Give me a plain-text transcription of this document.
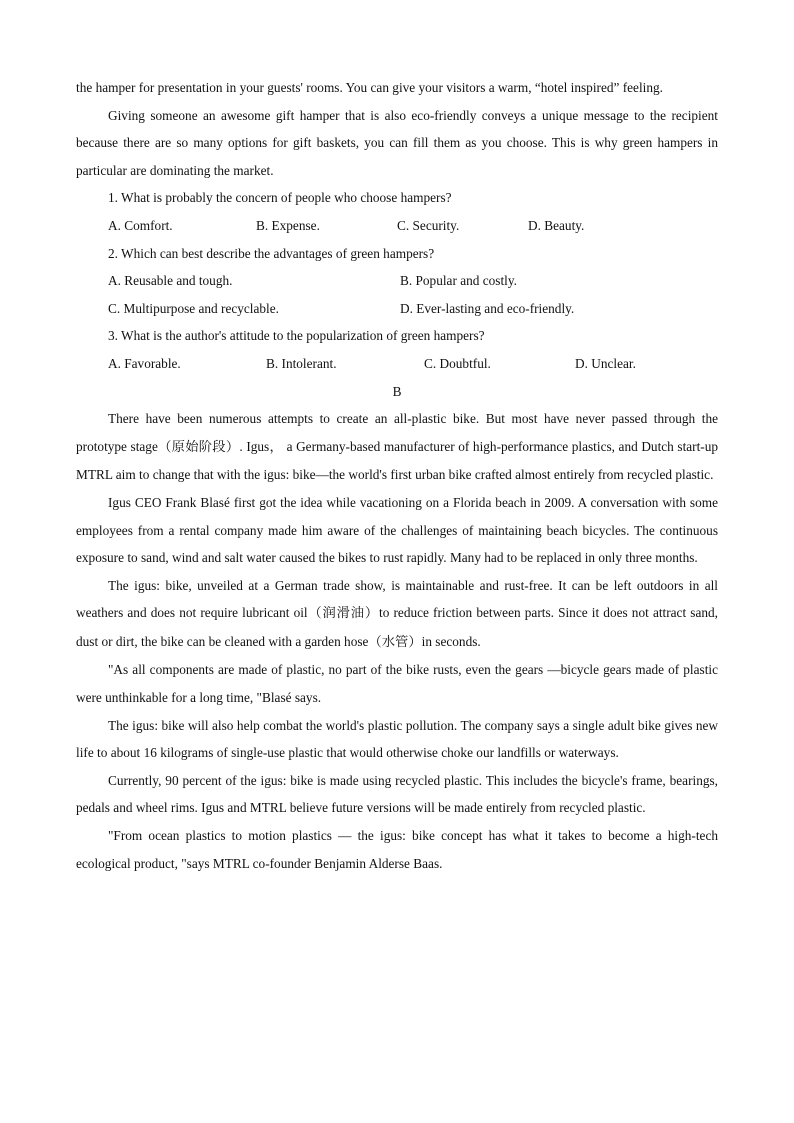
the hamper for presentation in your guests' rooms. You can give your visitors a warm, “hotel inspired” feeling.

Giving someone an awesome gift hamper that is also eco-friendly conveys a unique message to the recipient because there are so many options for gift baskets, you can fill them as you choose. This is why green hampers in particular are dominating the market.

1. What is probably the concern of people who choose hampers?
A. Comfort.	B. Expense.	C. Security.	D. Beauty.
2. Which can best describe the advantages of green hampers?
A. Reusable and tough.	B. Popular and costly.
C. Multipurpose and recyclable.	D. Ever-lasting and eco-friendly.
3. What is the author's attitude to the popularization of green hampers?
A. Favorable.	B. Intolerant.	C. Doubtful.	D. Unclear.
B

There have been numerous attempts to create an all-plastic bike. But most have never passed through the prototype stage（原始阶段）. Igus， a Germany-based manufacturer of high-performance plastics, and Dutch start-up MTRL aim to change that with the igus: bike—the world's first urban bike crafted almost entirely from recycled plastic.

Igus CEO Frank Blasé first got the idea while vacationing on a Florida beach in 2009. A conversation with some employees from a rental company made him aware of the challenges of maintaining beach bicycles. The continuous exposure to sand, wind and salt water caused the bikes to rust rapidly. Many had to be replaced in only three months.

The igus: bike, unveiled at a German trade show, is maintainable and rust-free. It can be left outdoors in all weathers and does not require lubricant oil（润滑油）to reduce friction between parts. Since it does not attract sand, dust or dirt, the bike can be cleaned with a garden hose（水管）in seconds.

"As all components are made of plastic, no part of the bike rusts, even the gears —bicycle gears made of plastic were unthinkable for a long time, "Blasé says.

The igus: bike will also help combat the world's plastic pollution. The company says a single adult bike gives new life to about 16 kilograms of single-use plastic that would otherwise choke our landfills or waterways.

Currently, 90 percent of the igus: bike is made using recycled plastic. This includes the bicycle's frame, bearings, pedals and wheel rims. Igus and MTRL believe future versions will be made entirely from recycled plastic.

"From ocean plastics to motion plastics — the igus: bike concept has what it takes to become a high-tech ecological product, "says MTRL co-founder Benjamin Alderse Baas.
